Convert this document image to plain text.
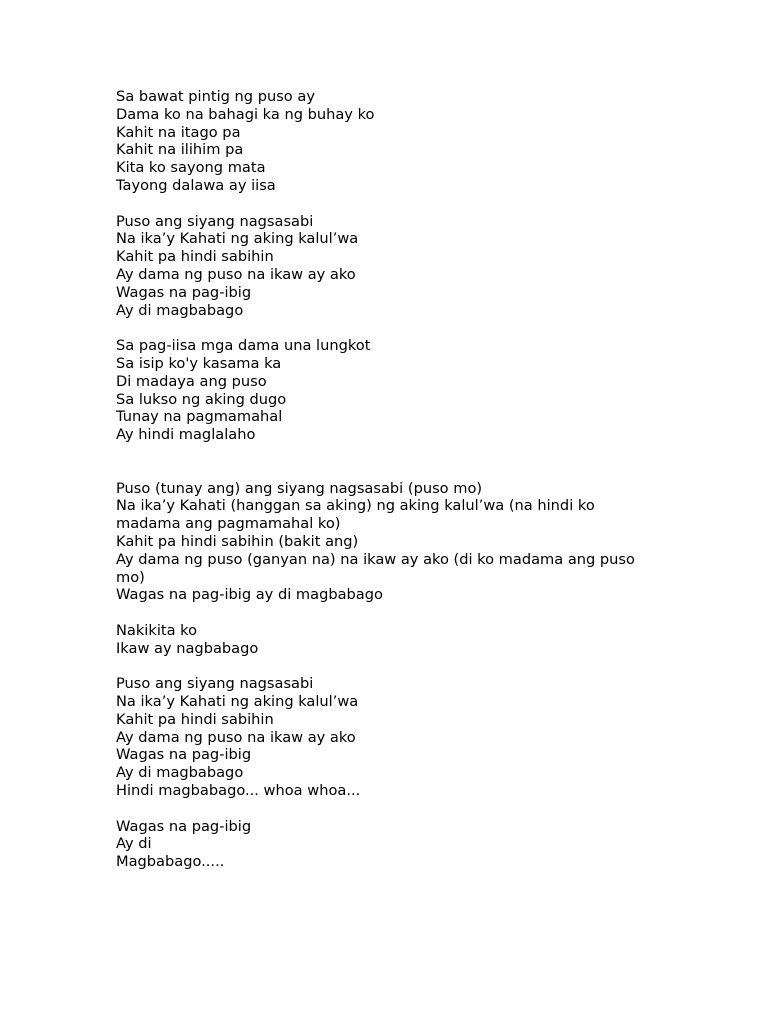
Sa bawat pintig ng puso ay
Dama ko na bahagi ka ng buhay ko
Kahit na itago pa
Kahit na ilihim pa
Kita ko sayong mata
Tayong dalawa ay iisa
Puso ang siyang nagsasabi
Na ika’y Kahati ng aking kalul’wa
Kahit pa hindi sabihin
Ay dama ng puso na ikaw ay ako
Wagas na pag-ibig
Ay di magbabago
Sa pag-iisa mga dama una lungkot
Sa isip ko'y kasama ka
Di madaya ang puso
Sa lukso ng aking dugo
Tunay na pagmamahal
Ay hindi maglalaho
Puso (tunay ang) ang siyang nagsasabi (puso mo)
Na ika’y Kahati (hanggan sa aking) ng aking kalul’wa (na hindi ko madama ang pagmamahal ko)
Kahit pa hindi sabihin (bakit ang)
Ay dama ng puso (ganyan na) na ikaw ay ako (di ko madama ang puso mo)
Wagas na pag-ibig ay di magbabago
Nakikita ko
Ikaw ay nagbabago
Puso ang siyang nagsasabi
Na ika’y Kahati ng aking kalul’wa
Kahit pa hindi sabihin
Ay dama ng puso na ikaw ay ako
Wagas na pag-ibig
Ay di magbabago
Hindi magbabago... whoa whoa...
Wagas na pag-ibig
Ay di
Magbabago.....
